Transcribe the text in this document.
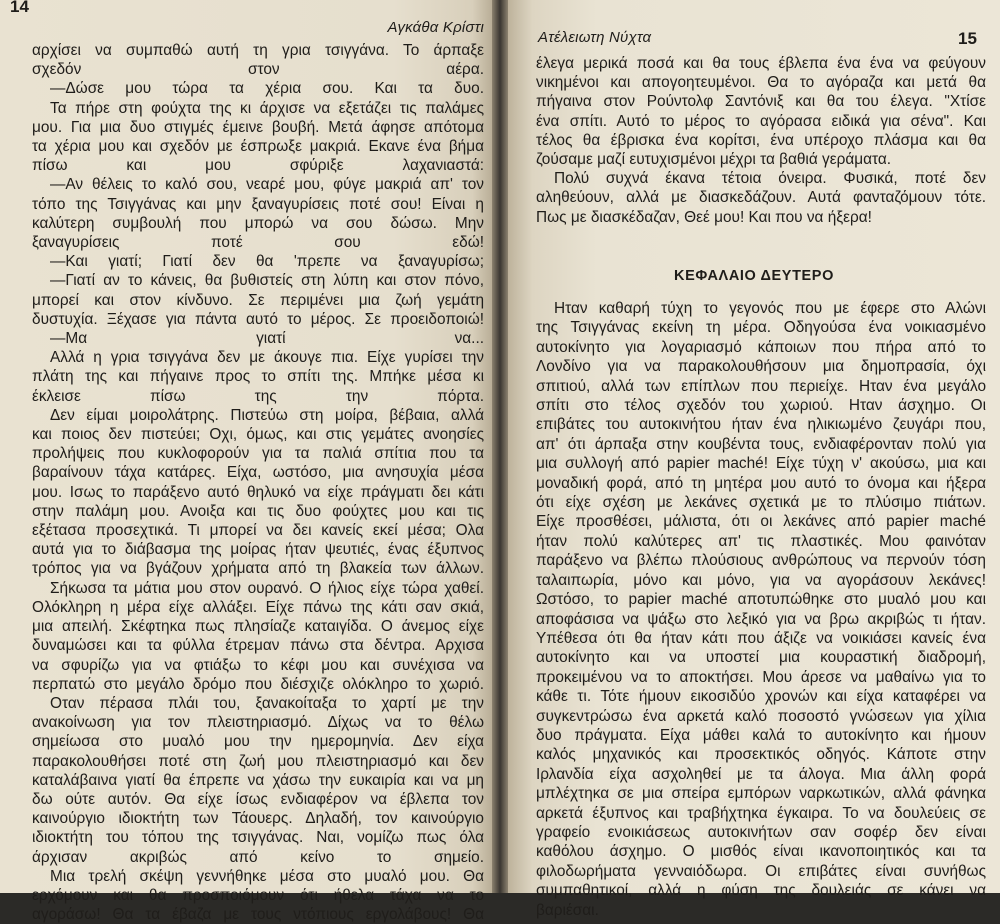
14
Αγκάθα Κρίστι
αρχίσει να συμπαθώ αυτή τη γρια τσιγγάνα. Το άρπαξε
σχεδόν στον αέρα.
—Δώσε μου τώρα τα χέρια σου. Και τα δυο.
Τα πήρε στη φούχτα της κι άρχισε να εξετάζει τις παλάμες
μου. Για μια δυο στιγμές έμεινε βουβή. Μετά άφησε απότομα
τα χέρια μου και σχεδόν με έσπρωξε μακριά. Εκανε ένα βήμα
πίσω και μου σφύριξε λαχανιαστά:
—Αν θέλεις το καλό σου, νεαρέ μου, φύγε μακριά απ' τον
τόπο της Τσιγγάνας και μην ξαναγυρίσεις ποτέ σου! Είναι η
καλύτερη συμβουλή που μπορώ να σου δώσω. Μην
ξαναγυρίσεις ποτέ σου εδώ!
—Και γιατί; Γιατί δεν θα 'πρεπε να ξαναγυρίσω;
—Γιατί αν το κάνεις, θα βυθιστείς στη λύπη και στον πόνο,
μπορεί και στον κίνδυνο. Σε περιμένει μια ζωή γεμάτη
δυστυχία. Ξέχασε για πάντα αυτό το μέρος. Σε προειδοποιώ!
—Μα γιατί να...
Αλλά η γρια τσιγγάνα δεν με άκουγε πια. Είχε γυρίσει την
πλάτη της και πήγαινε προς το σπίτι της. Μπήκε μέσα κι
έκλεισε πίσω της την πόρτα.
Δεν είμαι μοιρολάτρης. Πιστεύω στη μοίρα, βέβαια, αλλά
και ποιος δεν πιστεύει; Οχι, όμως, και στις γεμάτες ανοησίες
προλήψεις που κυκλοφορούν για τα παλιά σπίτια που τα
βαραίνουν τάχα κατάρες. Είχα, ωστόσο, μια ανησυχία μέσα
μου. Ισως το παράξενο αυτό θηλυκό να είχε πράγματι δει κάτι
στην παλάμη μου. Ανοιξα και τις δυο φούχτες μου και τις
εξέτασα προσεχτικά. Τι μπορεί να δει κανείς εκεί μέσα; Ολα
αυτά για το διάβασμα της μοίρας ήταν ψευτιές, ένας έξυπνος
τρόπος για να βγάζουν χρήματα από τη βλακεία των άλλων.
Σήκωσα τα μάτια μου στον ουρανό. Ο ήλιος είχε τώρα χαθεί.
Ολόκληρη η μέρα είχε αλλάξει. Είχε πάνω της κάτι σαν σκιά,
μια απειλή. Σκέφτηκα πως πλησίαζε καταιγίδα. Ο άνεμος είχε
δυναμώσει και τα φύλλα έτρεμαν πάνω στα δέντρα. Αρχισα
να σφυρίζω για να φτιάξω το κέφι μου και συνέχισα να
περπατώ στο μεγάλο δρόμο που διέσχιζε ολόκληρο το χωριό.
Οταν πέρασα πλάι του, ξανακοίταξα το χαρτί με την
ανακοίνωση για τον πλειστηριασμό. Δίχως να το θέλω
σημείωσα στο μυαλό μου την ημερομηνία. Δεν είχα
παρακολουθήσει ποτέ στη ζωή μου πλειστηριασμό και δεν
καταλάβαινα γιατί θα έπρεπε να χάσω την ευκαιρία και να μη
δω ούτε αυτόν. Θα είχε ίσως ενδιαφέρον να έβλεπα τον
καινούργιο ιδιοκτήτη των Τάουερς. Δηλαδή, τον καινούργιο
ιδιοκτήτη του τόπου της τσιγγάνας. Ναι, νομίζω πως όλα
άρχισαν ακριβώς από κείνο το σημείο.
Μια τρελή σκέψη γεννήθηκε μέσα στο μυαλό μου. Θα
ερχόμουν και θα προσποιόμουν ότι ήθελα τάχα να το
αγοράσω! Θα τα έβαζα με τους ντόπιους εργολάβους! Θα
Ατέλειωτη Νύχτα	15
έλεγα μερικά ποσά και θα τους έβλεπα ένα ένα να φεύγουν
νικημένοι και απογοητευμένοι. Θα το αγόραζα και μετά θα
πήγαινα στον Ρούντολφ Σαντόνιξ και θα του έλεγα. "Χτίσε
ένα σπίτι. Αυτό το μέρος το αγόρασα ειδικά για σένα". Και
τέλος θα έβρισκα ένα κορίτσι, ένα υπέροχο πλάσμα και θα
ζούσαμε μαζί ευτυχισμένοι μέχρι τα βαθιά γεράματα.
Πολύ συχνά έκανα τέτοια όνειρα. Φυσικά, ποτέ δεν
αληθεύουν, αλλά με διασκεδάζουν. Αυτά φανταζόμουν τότε.
Πως με διασκέδαζαν, Θεέ μου! Και που να ήξερα!
ΚΕΦΑΛΑΙΟ ΔΕΥΤΕΡΟ
Ηταν καθαρή τύχη το γεγονός που με έφερε στο Αλώνι
της Τσιγγάνας εκείνη τη μέρα. Οδηγούσα ένα νοικιασμένο
αυτοκίνητο για λογαριασμό κάποιων που πήρα από το
Λονδίνο για να παρακολουθήσουν μια δημοπρασία, όχι
σπιτιού, αλλά των επίπλων που περιείχε. Ηταν ένα μεγάλο
σπίτι στο τέλος σχεδόν του χωριού. Ηταν άσχημο. Οι
επιβάτες του αυτοκινήτου ήταν ένα ηλικιωμένο ζευγάρι που,
απ' ότι άρπαξα στην κουβέντα τους, ενδιαφέρονταν πολύ για
μια συλλογή από papier maché! Είχε τύχη ν' ακούσω, μια και
μοναδική φορά, από τη μητέρα μου αυτό το όνομα και ήξερα
ότι είχε σχέση με λεκάνες σχετικά με το πλύσιμο πιάτων.
Είχε προσθέσει, μάλιστα, ότι οι λεκάνες από papier maché
ήταν πολύ καλύτερες απ' τις πλαστικές. Μου φαινόταν
παράξενο να βλέπω πλούσιους ανθρώπους να περνούν τόση
ταλαιπωρία, μόνο και μόνο, για να αγοράσουν λεκάνες!
Ωστόσο, το papier maché αποτυπώθηκε στο μυαλό μου και
αποφάσισα να ψάξω στο λεξικό για να βρω ακριβώς τι ήταν.
Υπέθεσα ότι θα ήταν κάτι που άξιζε να νοικιάσει κανείς ένα
αυτοκίνητο και να υποστεί μια κουραστική διαδρομή,
προκειμένου να το αποκτήσει. Μου άρεσε να μαθαίνω για το
κάθε τι. Τότε ήμουν εικοσιδύο χρονών και είχα καταφέρει να
συγκεντρώσω ένα αρκετά καλό ποσοστό γνώσεων για χίλια
δυο πράγματα. Είχα μάθει καλά το αυτοκίνητο και ήμουν
καλός μηχανικός και προσεκτικός οδηγός. Κάποτε στην
Ιρλανδία είχα ασχοληθεί με τα άλογα. Μια άλλη φορά
μπλέχτηκα σε μια σπείρα εμπόρων ναρκωτικών, αλλά φάνηκα
αρκετά έξυπνος και τραβήχτηκα έγκαιρα. Το να δουλεύεις σε
γραφείο ενοικιάσεως αυτοκινήτων σαν σοφέρ δεν είναι
καθόλου άσχημο. Ο μισθός είναι ικανοποιητικός και τα
φιλοδωρήματα γενναιόδωρα. Οι επιβάτες είναι συνήθως
συμπαθητικοί, αλλά η φύση της δουλειάς σε κάνει να
βαριέσαι.
